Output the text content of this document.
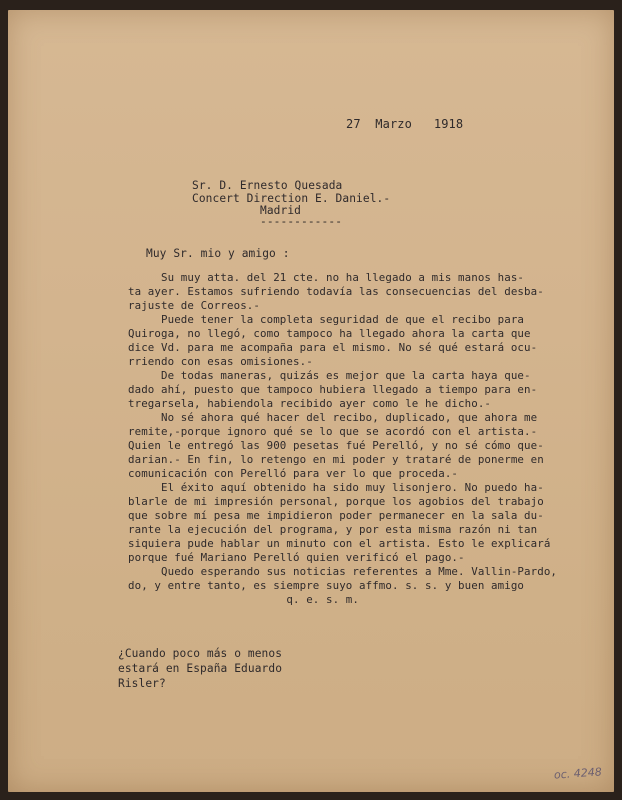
27  Marzo   1918
Sr. D. Ernesto Quesada
Concert Direction E. Daniel.-
Madrid
------------
Muy Sr. mio y amigo :
Su muy atta. del 21 cte. no ha llegado a mis manos has-
ta ayer. Estamos sufriendo todavía las consecuencias del desba-
rajuste de Correos.-
Puede tener la completa seguridad de que el recibo para
Quiroga, no llegó, como tampoco ha llegado ahora la carta que
dice Vd. para me acompaña para el mismo. No sé qué estará ocu-
rriendo con esas omisiones.-
De todas maneras, quizás es mejor que la carta haya que-
dado ahí, puesto que tampoco hubiera llegado a tiempo para en-
tregarsela, habiendola recibido ayer como le he dicho.-
No sé ahora qué hacer del recibo, duplicado, que ahora me
remite,-porque ignoro qué se lo que se acordó con el artista.-
Quien le entregó las 900 pesetas fué Perelló, y no sé cómo que-
darian.- En fin, lo retengo en mi poder y trataré de ponerme en
comunicación con Perelló para ver lo que proceda.-
El éxito aquí obtenido ha sido muy lisonjero. No puedo ha-
blarle de mi impresión personal, porque los agobios del trabajo
que sobre mí pesa me impidieron poder permanecer en la sala du-
rante la ejecución del programa, y por esta misma razón ni tan
siquiera pude hablar un minuto con el artista. Esto le explicará
porque fué Mariano Perelló quien verificó el pago.-
Quedo esperando sus noticias referentes a Mme. Vallin-Pardo,
do, y entre tanto, es siempre suyo affmo. s. s. y buen amigo
q. e. s. m.
¿Cuando poco más o menos
estará en España Eduardo
Risler?
oc. 4248
